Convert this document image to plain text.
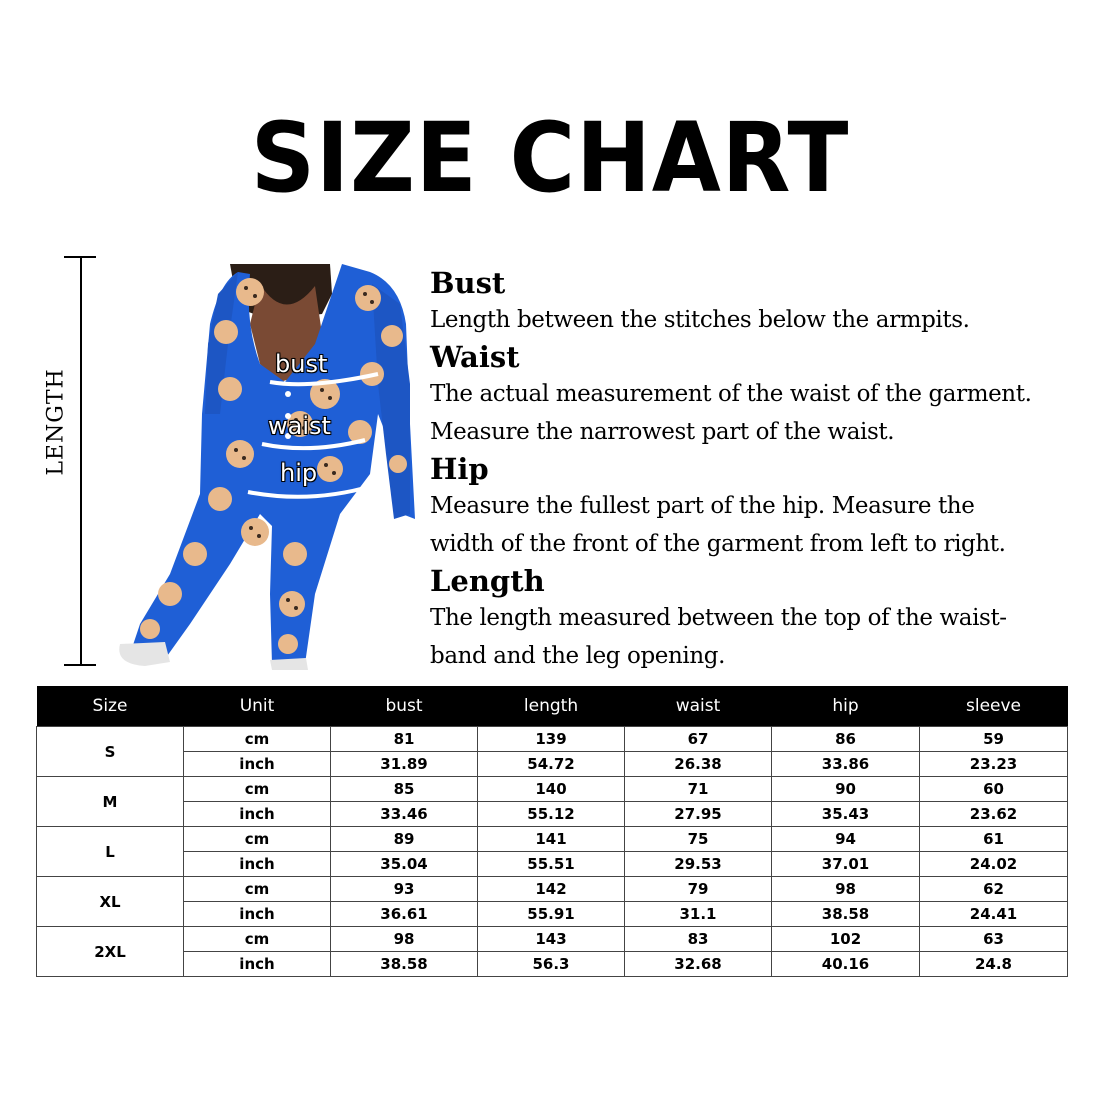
SIZE CHART
LENGTH
bust
waist
hip
Bust
Length between the stitches below the armpits.
Waist
The actual measurement of the waist of the garment.
Measure the narrowest part of the waist.
Hip
Measure the fullest part of the hip. Measure the
width of the front of the garment from left to right.
Length
The length measured between the top of the waist-
band and the leg opening.
Size	Unit	bust	length	waist	hip	sleeve
S	cm	81	139	67	86	59
	inch	31.89	54.72	26.38	33.86	23.23
M	cm	85	140	71	90	60
	inch	33.46	55.12	27.95	35.43	23.62
L	cm	89	141	75	94	61
	inch	35.04	55.51	29.53	37.01	24.02
XL	cm	93	142	79	98	62
	inch	36.61	55.91	31.1	38.58	24.41
2XL	cm	98	143	83	102	63
	inch	38.58	56.3	32.68	40.16	24.8
